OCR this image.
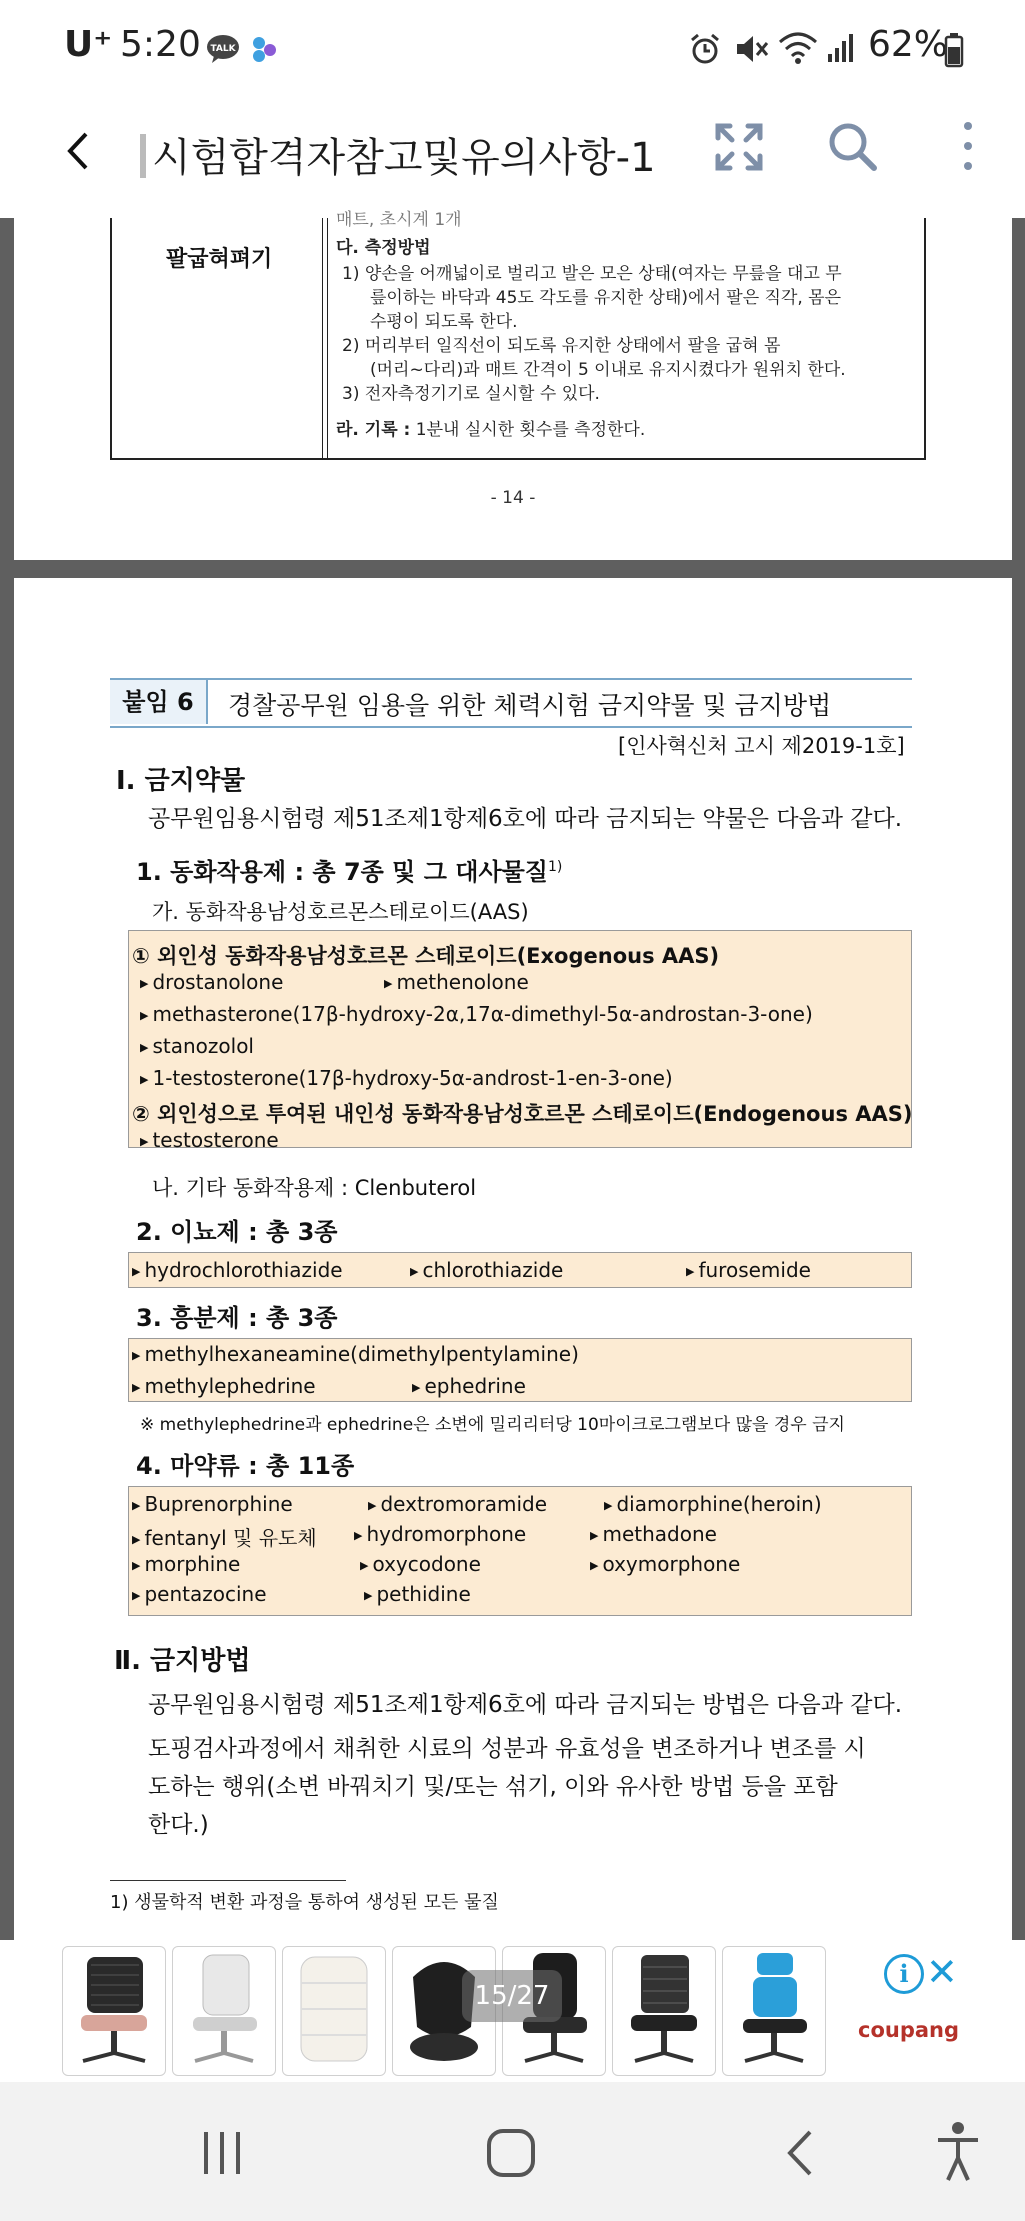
U⁺ 5:20 TALK	62%
시험합격자참고및유의사항-1
팔굽혀펴기
매트, 초시계 1개
다. 측정방법
1) 양손을 어깨넓이로 벌리고 발은 모은 상태(여자는 무릎을 대고 무
릎이하는 바닥과 45도 각도를 유지한 상태)에서 팔은 직각, 몸은
수평이 되도록 한다.
2) 머리부터 일직선이 되도록 유지한 상태에서 팔을 굽혀 몸
(머리~다리)과 매트 간격이 5 이내로 유지시켰다가 원위치 한다.
3) 전자측정기기로 실시할 수 있다.
라. 기록 : 1분내 실시한 횟수를 측정한다.
- 14 -
붙임 6	경찰공무원 임용을 위한 체력시험 금지약물 및 금지방법
[인사혁신처 고시 제2019-1호]
Ⅰ. 금지약물
공무원임용시험령 제51조제1항제6호에 따라 금지되는 약물은 다음과 같다.
1. 동화작용제 : 총 7종 및 그 대사물질$^{1)}$
가. 동화작용남성호르몬스테로이드(AAS)
① 외인성 동화작용남성호르몬 스테로이드(Exogenous AAS)
▶ drostanolone	▶ methenolone
▶ methasterone(17β-hydroxy-2α,17α-dimethyl-5α-androstan-3-one)
▶ stanozolol
▶ 1-testosterone(17β-hydroxy-5α-androst-1-en-3-one)
② 외인성으로 투여된 내인성 동화작용남성호르몬 스테로이드(Endogenous AAS)
▶ testosterone
나. 기타 동화작용제 : Clenbuterol
2. 이뇨제 : 총 3종
▶ hydrochlorothiazide	▶ chlorothiazide	▶ furosemide
3. 흥분제 : 총 3종
▶ methylhexaneamine(dimethylpentylamine)
▶ methylephedrine	▶ ephedrine
※ methylephedrine과 ephedrine은 소변에 밀리리터당 10마이크로그램보다 많을 경우 금지
4. 마약류 : 총 11종
▶ Buprenorphine	▶ dextromoramide	▶ diamorphine(heroin)
▶ fentanyl 및 유도체	▶ hydromorphone	▶ methadone
▶ morphine	▶ oxycodone	▶ oxymorphone
▶ pentazocine	▶ pethidine
Ⅱ. 금지방법
공무원임용시험령 제51조제1항제6호에 따라 금지되는 방법은 다음과 같다.
도핑검사과정에서 채취한 시료의 성분과 유효성을 변조하거나 변조를 시
도하는 행위(소변 바꿔치기 및/또는 섞기, 이와 유사한 방법 등을 포함
한다.)
1) 생물학적 변환 과정을 통하여 생성된 모든 물질
15/27
i ✕
coupang
